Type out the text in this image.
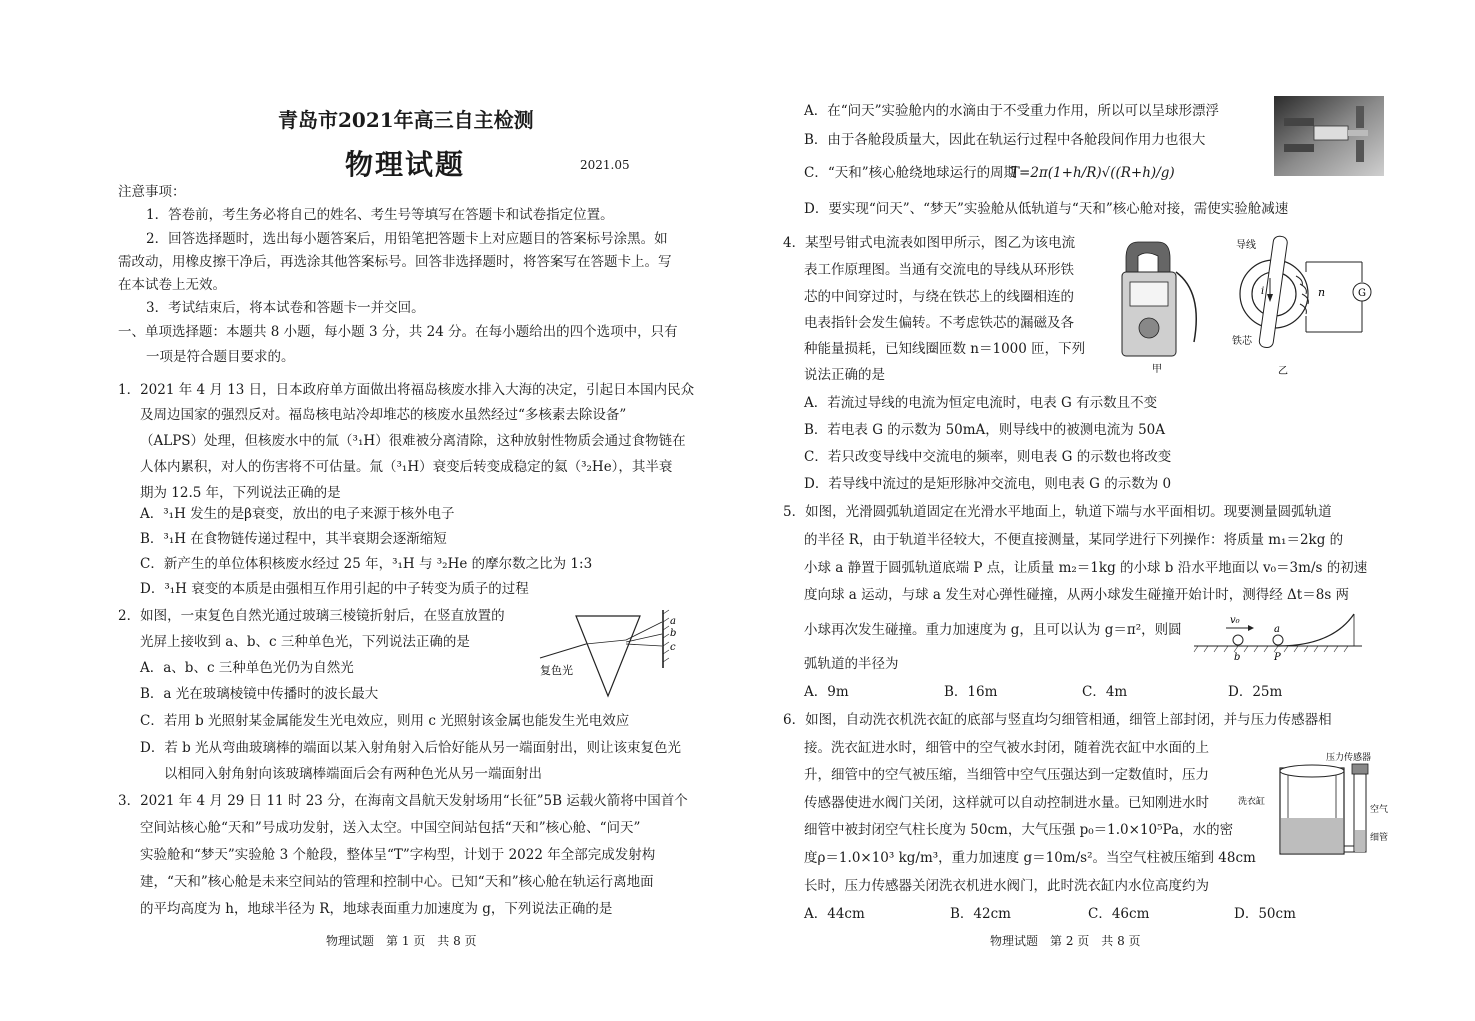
青岛市2021年高三自主检测
物理试题	2021.05
注意事项：
1．答卷前，考生务必将自己的姓名、考生号等填写在答题卡和试卷指定位置。
2．回答选择题时，选出每小题答案后，用铅笔把答题卡上对应题目的答案标号涂黑。如
需改动，用橡皮擦干净后，再选涂其他答案标号。回答非选择题时，将答案写在答题卡上。写
在本试卷上无效。
3．考试结束后，将本试卷和答题卡一并交回。
一、单项选择题：本题共 8 小题，每小题 3 分，共 24 分。在每小题给出的四个选项中，只有
一项是符合题目要求的。
1．2021 年 4 月 13 日，日本政府单方面做出将福岛核废水排入大海的决定，引起日本国内民众
及周边国家的强烈反对。福岛核电站冷却堆芯的核废水虽然经过“多核素去除设备”
（ALPS）处理，但核废水中的氚（³₁H）很难被分离清除，这种放射性物质会通过食物链在
人体内累积，对人的伤害将不可估量。氚（³₁H）衰变后转变成稳定的氦（³₂He），其半衰
期为 12.5 年，下列说法正确的是
A．³₁H 发生的是β衰变，放出的电子来源于核外电子
B．³₁H 在食物链传递过程中，其半衰期会逐渐缩短
C．新产生的单位体积核废水经过 25 年，³₁H 与 ³₂He 的摩尔数之比为 1:3
D．³₁H 衰变的本质是由强相互作用引起的中子转变为质子的过程
2．如图，一束复色自然光通过玻璃三棱镜折射后，在竖直放置的
光屏上接收到 a、b、c 三种单色光，下列说法正确的是
A．a、b、c 三种单色光仍为自然光
B．a 光在玻璃棱镜中传播时的波长最大
C．若用 b 光照射某金属能发生光电效应，则用 c 光照射该金属也能发生光电效应
D．若 b 光从弯曲玻璃棒的端面以某入射角射入后恰好能从另一端面射出，则让该束复色光
以相同入射角射向该玻璃棒端面后会有两种色光从另一端面射出
复色光
a
b
c
3．2021 年 4 月 29 日 11 时 23 分，在海南文昌航天发射场用“长征”5B 运载火箭将中国首个
空间站核心舱“天和”号成功发射，送入太空。中国空间站包括“天和”核心舱、“问天”
实验舱和“梦天”实验舱 3 个舱段，整体呈“T”字构型，计划于 2022 年全部完成发射构
建，“天和”核心舱是未来空间站的管理和控制中心。已知“天和”核心舱在轨运行离地面
的平均高度为 h，地球半径为 R，地球表面重力加速度为 g，下列说法正确的是
物理试题　第 1 页　共 8 页
A．在“问天”实验舱内的水滴由于不受重力作用，所以可以呈球形漂浮
B．由于各舱段质量大，因此在轨运行过程中各舱段间作用力也很大
C．“天和”核心舱绕地球运行的周期
T=2π(1+h/R)√((R+h)/g)
D．要实现“问天”、“梦天”实验舱从低轨道与“天和”核心舱对接，需使实验舱减速
4．某型号钳式电流表如图甲所示，图乙为该电流
表工作原理图。当通有交流电的导线从环形铁
芯的中间穿过时，与绕在铁芯上的线圈相连的
电表指针会发生偏转。不考虑铁芯的漏磁及各
种能量损耗，已知线圈匝数 n＝1000 匝，下列
说法正确的是
A．若流过导线的电流为恒定电流时，电表 G 有示数且不变
B．若电表 G 的示数为 50mA，则导线中的被测电流为 50A
C．若只改变导线中交流电的频率，则电表 G 的示数也将改变
D．若导线中流过的是矩形脉冲交流电，则电表 G 的示数为 0
甲
导线
铁芯
i	n	G
乙
5．如图，光滑圆弧轨道固定在光滑水平地面上，轨道下端与水平面相切。现要测量圆弧轨道
的半径 R，由于轨道半径较大，不便直接测量，某同学进行下列操作：将质量 m₁＝2kg 的
小球 a 静置于圆弧轨道底端 P 点，让质量 m₂＝1kg 的小球 b 沿水平地面以 v₀＝3m/s 的初速
度向球 a 运动，与球 a 发生对心弹性碰撞，从两小球发生碰撞开始计时，测得经 Δt＝8s 两
小球再次发生碰撞。重力加速度为 g，且可以认为 g＝π²，则圆
弧轨道的半径为
v₀
a
b	P
A．9m	B．16m	C．4m	D．25m
6．如图，自动洗衣机洗衣缸的底部与竖直均匀细管相通，细管上部封闭，并与压力传感器相
接。洗衣缸进水时，细管中的空气被水封闭，随着洗衣缸中水面的上
升，细管中的空气被压缩，当细管中空气压强达到一定数值时，压力
传感器使进水阀门关闭，这样就可以自动控制进水量。已知刚进水时
细管中被封闭空气柱长度为 50cm，大气压强 p₀＝1.0×10⁵Pa，水的密
度ρ＝1.0×10³ kg/m³，重力加速度 g＝10m/s²。当空气柱被压缩到 48cm
长时，压力传感器关闭洗衣机进水阀门，此时洗衣缸内水位高度约为
压力传感器
洗衣缸
空气
细管
A．44cm	B．42cm	C．46cm	D．50cm
物理试题　第 2 页　共 8 页
